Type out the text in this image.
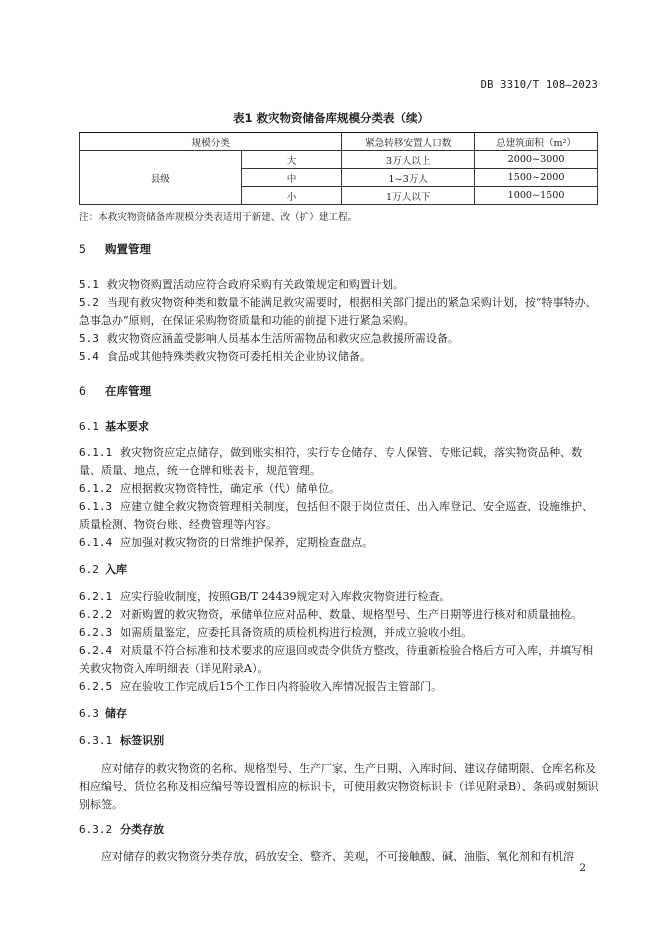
DB 3310/T 108—2023
表1 救灾物资储备库规模分类表（续）
规模分类		紧急转移安置人口数	总建筑面积（m²）
县级	大	3万人以上	2000~3000
	中	1~3万人	1500~2000
	小	1万人以下	1000~1500
注：本救灾物资储备库规模分类表适用于新建、改（扩）建工程。
5 购置管理
5.1 救灾物资购置活动应符合政府采购有关政策规定和购置计划。
5.2 当现有救灾物资种类和数量不能满足救灾需要时，根据相关部门提出的紧急采购计划，按“特事特办、急事急办”原则，在保证采购物资质量和功能的前提下进行紧急采购。
5.3 救灾物资应涵盖受影响人员基本生活所需物品和救灾应急救援所需设备。
5.4 食品或其他特殊类救灾物资可委托相关企业协议储备。
6 在库管理
6.1 基本要求
6.1.1 救灾物资应定点储存，做到账实相符，实行专仓储存、专人保管、专账记载，落实物资品种、数量、质量、地点，统一仓牌和账表卡，规范管理。
6.1.2 应根据救灾物资特性，确定承（代）储单位。
6.1.3 应建立健全救灾物资管理相关制度，包括但不限于岗位责任、出入库登记、安全巡查、设施维护、质量检测、物资台账、经费管理等内容。
6.1.4 应加强对救灾物资的日常维护保养，定期检查盘点。
6.2 入库
6.2.1 应实行验收制度，按照GB/T 24439规定对入库救灾物资进行检查。
6.2.2 对新购置的救灾物资，承储单位应对品种、数量、规格型号、生产日期等进行核对和质量抽检。
6.2.3 如需质量鉴定，应委托具备资质的质检机构进行检测，并成立验收小组。
6.2.4 对质量不符合标准和技术要求的应退回或责令供货方整改，待重新检验合格后方可入库，并填写相关救灾物资入库明细表（详见附录A）。
6.2.5 应在验收工作完成后15个工作日内将验收入库情况报告主管部门。
6.3 储存
6.3.1 标签识别
应对储存的救灾物资的名称、规格型号、生产厂家、生产日期、入库时间、建议存储期限、仓库名称及相应编号、货位名称及相应编号等设置相应的标识卡，可使用救灾物资标识卡（详见附录B）、条码或射频识别标签。
6.3.2 分类存放
应对储存的救灾物资分类存放，码放安全、整齐、美观，不可接触酸、碱、油脂、氧化剂和有机溶
2
